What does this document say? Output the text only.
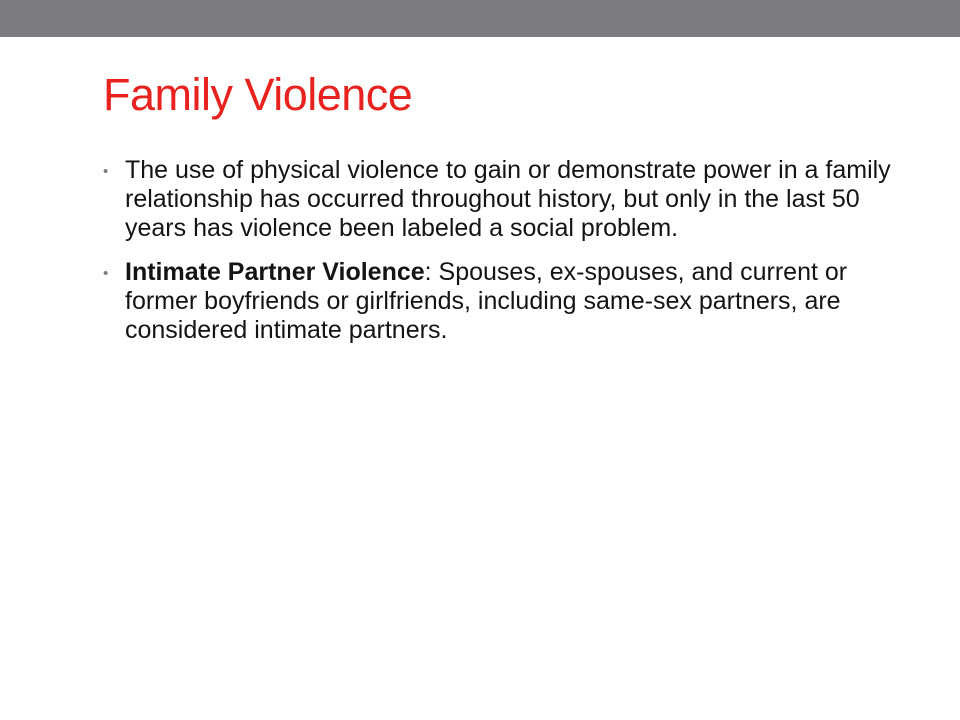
Family Violence
• The use of physical violence to gain or demonstrate power in a family relationship has occurred throughout history, but only in the last 50 years has violence been labeled a social problem.
• Intimate Partner Violence: Spouses, ex-spouses, and current or former boyfriends or girlfriends, including same-sex partners, are considered intimate partners.
